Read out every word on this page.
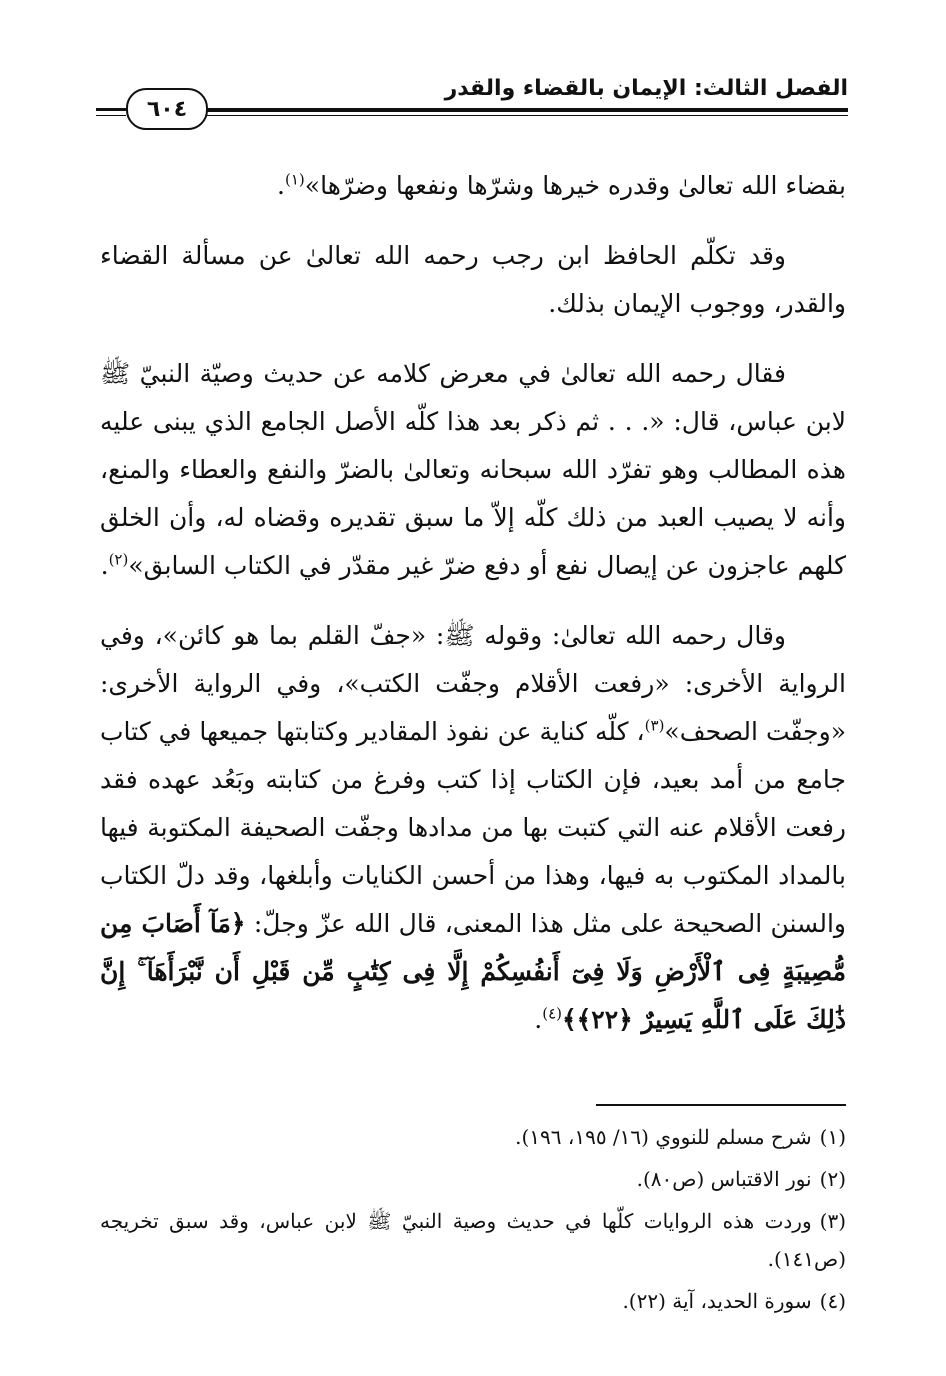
الفصل الثالث: الإيمان بالقضاء والقدر
٦٠٤

بقضاء الله تعالىٰ وقدره خيرها وشرّها ونفعها وضرّها»$^{(١)}$.

وقد تكلّم الحافظ ابن رجب رحمه الله تعالىٰ عن مسألة القضاء والقدر، ووجوب الإيمان بذلك.

فقال رحمه الله تعالىٰ في معرض كلامه عن حديث وصيّة النبيّ ﷺ لابن عباس، قال: «. . . ثم ذكر بعد هذا كلّه الأصل الجامع الذي يبنى عليه هذه المطالب وهو تفرّد الله سبحانه وتعالىٰ بالضرّ والنفع والعطاء والمنع، وأنه لا يصيب العبد من ذلك كلّه إلاّ ما سبق تقديره وقضاه له، وأن الخلق كلهم عاجزون عن إيصال نفع أو دفع ضرّ غير مقدّر في الكتاب السابق»$^{(٢)}$.

وقال رحمه الله تعالىٰ: وقوله ﷺ: «جفّ القلم بما هو كائن»، وفي الرواية الأخرى: «رفعت الأقلام وجفّت الكتب»، وفي الرواية الأخرى: «وجفّت الصحف»$^{(٣)}$، كلّه كناية عن نفوذ المقادير وكتابتها جميعها في كتاب جامع من أمد بعيد، فإن الكتاب إذا كتب وفرغ من كتابته وبَعُد عهده فقد رفعت الأقلام عنه التي كتبت بها من مدادها وجفّت الصحيفة المكتوبة فيها بالمداد المكتوب به فيها، وهذا من أحسن الكنايات وأبلغها، وقد دلّ الكتاب والسنن الصحيحة على مثل هذا المعنى، قال الله عزّ وجلّ: ﴿مَآ أَصَابَ مِن مُّصِيبَةٍ فِى ٱلْأَرْضِ وَلَا فِىٓ أَنفُسِكُمْ إِلَّا فِى كِتَٰبٍ مِّن قَبْلِ أَن نَّبْرَأَهَآ ۚ إِنَّ ذَٰلِكَ عَلَى ٱللَّهِ يَسِيرٌ ﴿٢٢﴾﴾$^{(٤)}$.

(١)شرح مسلم للنووي (١٦/ ١٩٥، ١٩٦).
(٢)نور الاقتباس (ص٨٠).
(٣)وردت هذه الروايات كلّها في حديث وصية النبيّ ﷺ لابن عباس، وقد سبق تخريجه (ص١٤١).
(٤)سورة الحديد، آية (٢٢).
